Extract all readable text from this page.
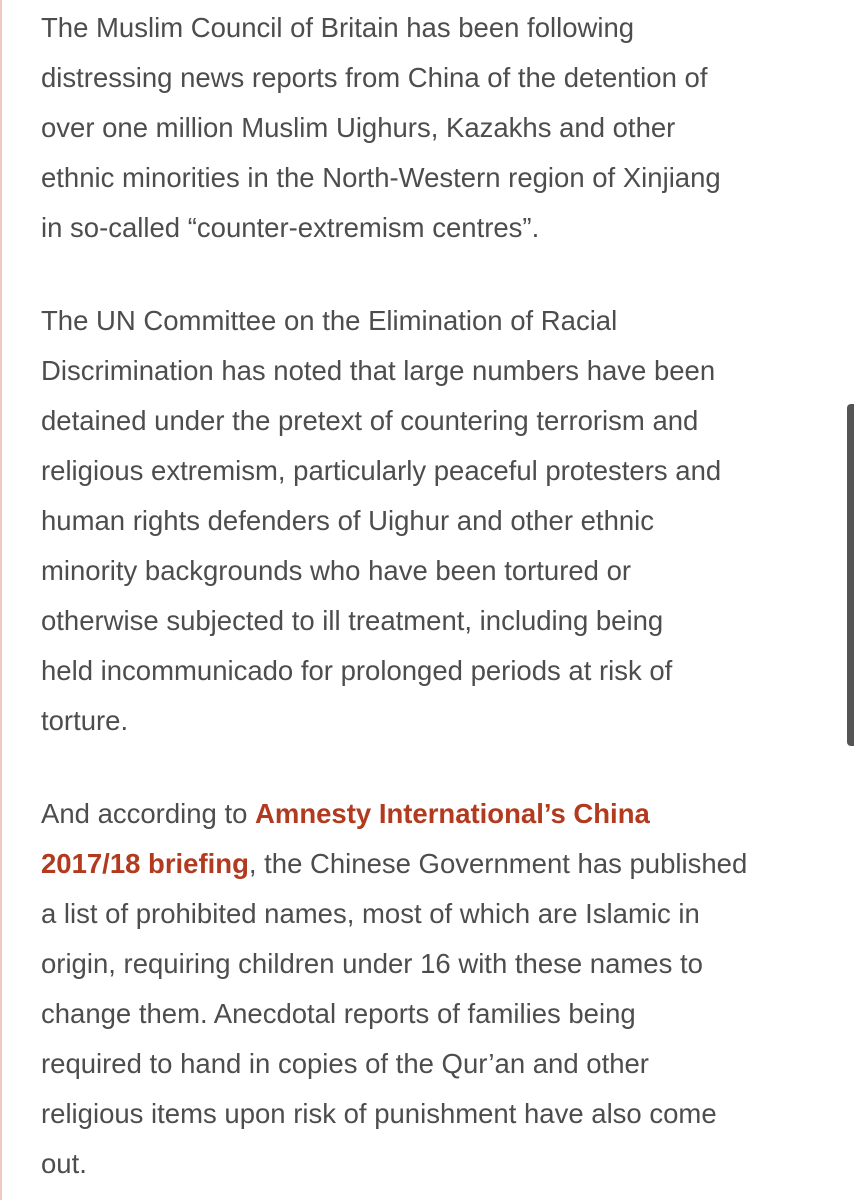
The Muslim Council of Britain has been following
distressing news reports from China of the detention of
over one million Muslim Uighurs, Kazakhs and other
ethnic minorities in the North-Western region of Xinjiang
in so-called “counter-extremism centres”.

The UN Committee on the Elimination of Racial
Discrimination has noted that large numbers have been
detained under the pretext of countering terrorism and
religious extremism, particularly peaceful protesters and
human rights defenders of Uighur and other ethnic
minority backgrounds who have been tortured or
otherwise subjected to ill treatment, including being
held incommunicado for prolonged periods at risk of
torture.

And according to Amnesty International’s China
2017/18 briefing, the Chinese Government has published
a list of prohibited names, most of which are Islamic in
origin, requiring children under 16 with these names to
change them. Anecdotal reports of families being
required to hand in copies of the Qur’an and other
religious items upon risk of punishment have also come
out.
